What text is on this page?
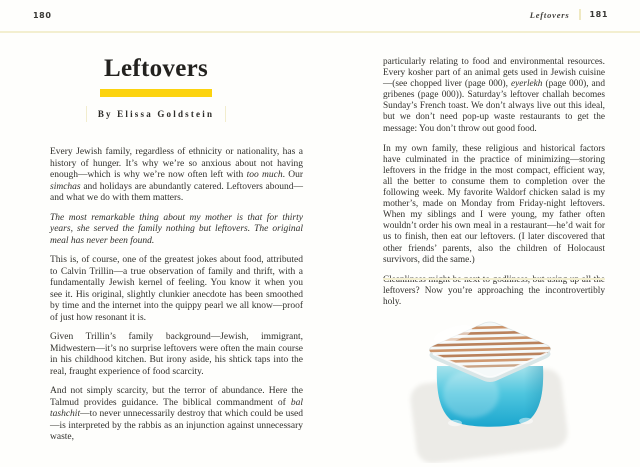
180	Leftovers	181
Leftovers
By Elissa Goldstein

Every Jewish family, regardless of ethnicity or nationality, has a history of hunger. It’s why we’re so anxious about not having enough—which is why we’re now often left with too much. Our simchas and holidays are abundantly catered. Leftovers abound—and what we do with them matters.

The most remarkable thing about my mother is that for thirty years, she served the family nothing but leftovers. The original meal has never been found.

This is, of course, one of the greatest jokes about food, attributed to Calvin Trillin—a true observation of family and thrift, with a fundamentally Jewish kernel of feeling. You know it when you see it. His original, slightly clunkier anecdote has been smoothed by time and the internet into the quippy pearl we all know—proof of just how resonant it is.

Given Trillin’s family background—Jewish, immigrant, Midwestern—it’s no surprise leftovers were often the main course in his childhood kitchen. But irony aside, his shtick taps into the real, fraught experience of food scarcity.

And not simply scarcity, but the terror of abundance. Here the Talmud provides guidance. The biblical commandment of bal tashchit—to never unnecessarily destroy that which could be used—is interpreted by the rabbis as an injunction against unnecessary waste,

particularly relating to food and environmental resources. Every kosher part of an animal gets used in Jewish cuisine—(see chopped liver (page 000), eyerlekh (page 000), and gribenes (page 000)). Saturday’s leftover challah becomes Sunday’s French toast. We don’t always live out this ideal, but we don’t need pop-up waste restaurants to get the message: You don’t throw out good food.

In my own family, these religious and historical factors have culminated in the practice of minimizing—storing leftovers in the fridge in the most compact, efficient way, all the better to consume them to completion over the following week. My favorite Waldorf chicken salad is my mother’s, made on Monday from Friday-night leftovers. When my siblings and I were young, my father often wouldn’t order his own meal in a restaurant—he’d wait for us to finish, then eat our leftovers. (I later discovered that other friends’ parents, also the children of Holocaust survivors, did the same.)

leftovers? Now you’re approaching the incontrovertibly holy.
